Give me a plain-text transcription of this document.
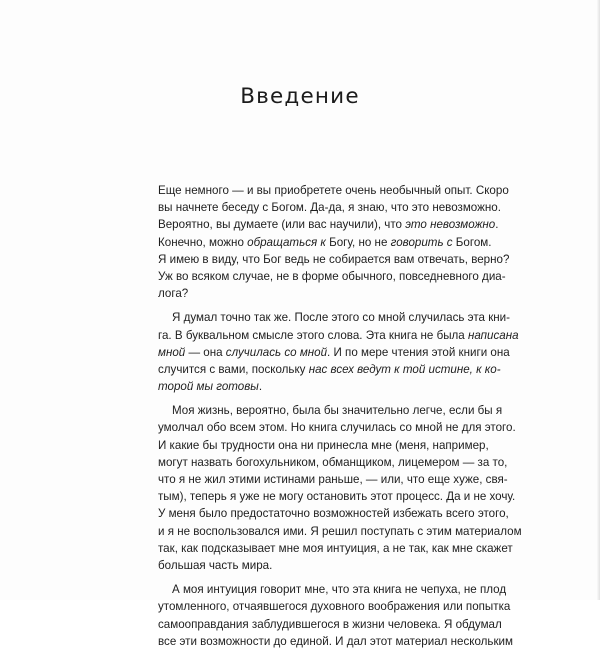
Введение
Еще немного — и вы приобретете очень необычный опыт. Скоро
вы начнете беседу с Богом. Да-да, я знаю, что это невозможно.
Вероятно, вы думаете (или вас научили), что это невозможно.
Конечно, можно обращаться к Богу, но не говорить с Богом.
Я имею в виду, что Бог ведь не собирается вам отвечать, верно?
Уж во всяком случае, не в форме обычного, повседневного диа-
лога?
Я думал точно так же. После этого со мной случилась эта кни-
га. В буквальном смысле этого слова. Эта книга не была написана
мной — она случилась со мной. И по мере чтения этой книги она
случится с вами, поскольку нас всех ведут к той истине, к ко-
торой мы готовы.
Моя жизнь, вероятно, была бы значительно легче, если бы я
умолчал обо всем этом. Но книга случилась со мной не для этого.
И какие бы трудности она ни принесла мне (меня, например,
могут назвать богохульником, обманщиком, лицемером — за то,
что я не жил этими истинами раньше, — или, что еще хуже, свя-
тым), теперь я уже не могу остановить этот процесс. Да и не хочу.
У меня было предостаточно возможностей избежать всего этого,
и я не воспользовался ими. Я решил поступать с этим материалом
так, как подсказывает мне моя интуиция, а не так, как мне скажет
большая часть мира.
А моя интуиция говорит мне, что эта книга не чепуха, не плод
утомленного, отчаявшегося духовного воображения или попытка
самооправдания заблудившегося в жизни человека. Я обдумал
все эти возможности до единой. И дал этот материал нескольким
